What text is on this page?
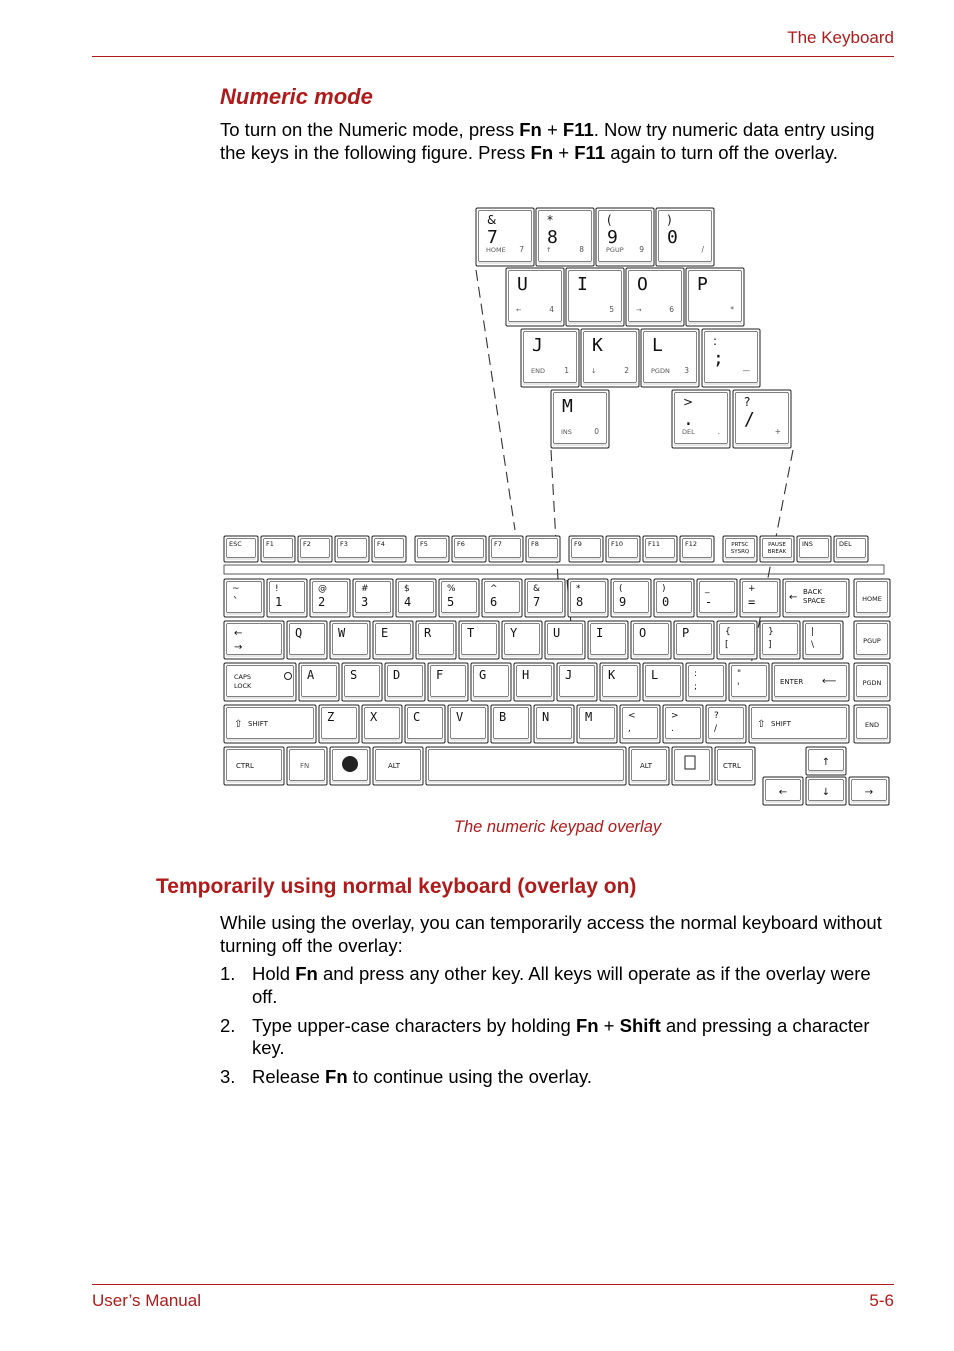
The Keyboard
Numeric mode
To turn on the Numeric mode, press Fn + F11. Now try numeric data entry using the keys in the following figure. Press Fn + F11 again to turn off the overlay.
&
7
HOME 7
*
8
↑	8
(
9
PGUP 9
)
0
/
U
←	4
I
5
O
→	6
P
*
J
END	1
K
↓	2
L
PGDN 3
:
;
—
M
INS	0
>
.
DEL	.
?
/
+
ESC	F1	F2	F3	F4	F5	F6	F7	F8	F9	F10	F11	F12	PRTSC
SYSRQ
PAUSE
BREAK
INS	DEL
~
`
!
1
@
2
#
3
$
4
%
5
^
6
&
7
*
8
(
9
)
0
_
-
+
=
BACK
SPACE
←	HOME
←
→
Q	W	E	R	T	Y	U	I	O	P	{
[
}
]
|
\	PGUP
CAPS
LOCK
A	S	D	F	G	H	J	K	L	:
;
"
'	ENTER ⟵	PGDN
⇧ SHIFT	Z	X	C	V	B	N	M	<
,
>
.
?
/	⇧ SHIFT	END
CTRL	FN	ALT	ALT	CTRL	↑
←	↓	→
The numeric keypad overlay
Temporarily using normal keyboard (overlay on)
While using the overlay, you can temporarily access the normal keyboard without turning off the overlay:
1. Hold Fn and press any other key. All keys will operate as if the overlay were off.
2. Type upper-case characters by holding Fn + Shift and pressing a character key.
3. Release Fn to continue using the overlay.
User’s Manual	5-6
